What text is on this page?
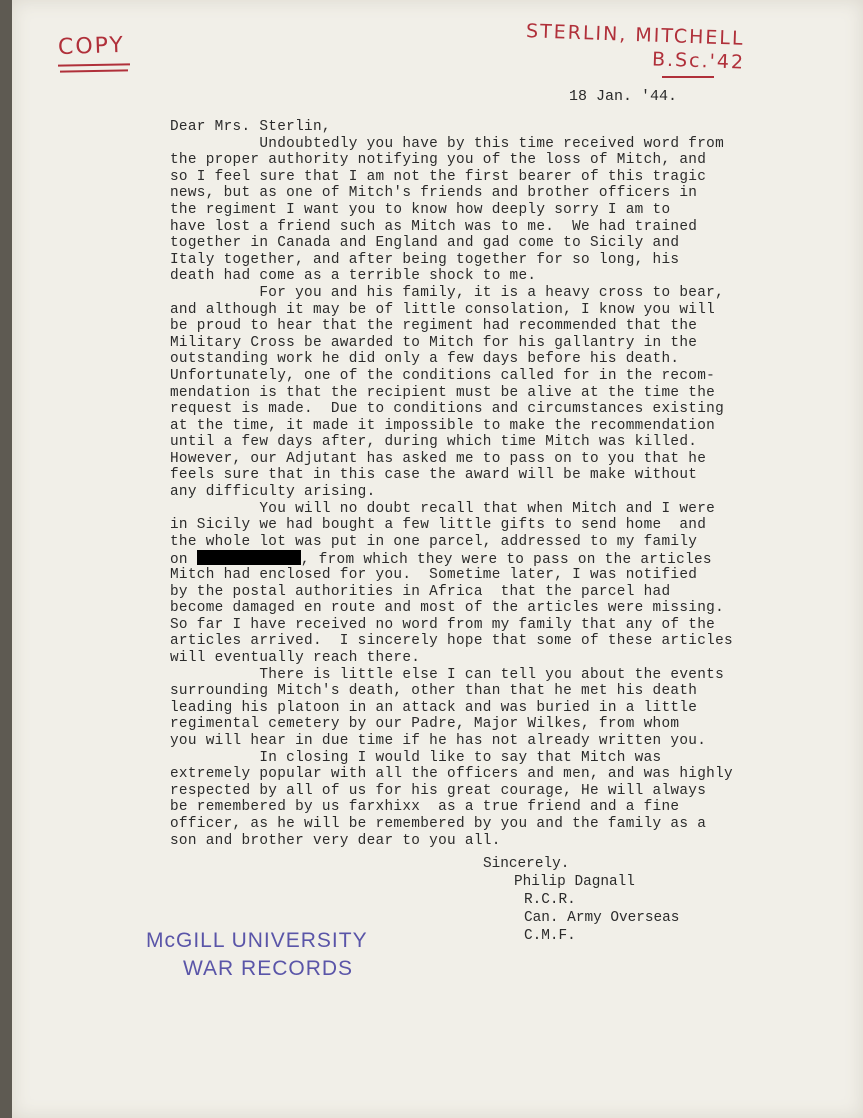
COPY	STERLIN, MITCHELL
B.Sc.'42
18 Jan. '44.
Dear Mrs. Sterlin,
Undoubtedly you have by this time received word from
the proper authority notifying you of the loss of Mitch, and
so I feel sure that I am not the first bearer of this tragic
news, but as one of Mitch's friends and brother officers in
the regiment I want you to know how deeply sorry I am to
have lost a friend such as Mitch was to me.  We had trained
together in Canada and England and gad come to Sicily and
Italy together, and after being together for so long, his
death had come as a terrible shock to me.
For you and his family, it is a heavy cross to bear,
and although it may be of little consolation, I know you will
be proud to hear that the regiment had recommended that the
Military Cross be awarded to Mitch for his gallantry in the
outstanding work he did only a few days before his death.
Unfortunately, one of the conditions called for in the recom-
mendation is that the recipient must be alive at the time the
request is made.  Due to conditions and circumstances existing
at the time, it made it impossible to make the recommendation
until a few days after, during which time Mitch was killed.
However, our Adjutant has asked me to pass on to you that he
feels sure that in this case the award will be make without
any difficulty arising.
You will no doubt recall that when Mitch and I were
in Sicily we had bought a few little gifts to send home  and
the whole lot was put in one parcel, addressed to my family
on	, from which they were to pass on the articles
Mitch had enclosed for you.  Sometime later, I was notified
by the postal authorities in Africa  that the parcel had
become damaged en route and most of the articles were missing.
So far I have received no word from my family that any of the
articles arrived.  I sincerely hope that some of these articles
will eventually reach there.
There is little else I can tell you about the events
surrounding Mitch's death, other than that he met his death
leading his platoon in an attack and was buried in a little
regimental cemetery by our Padre, Major Wilkes, from whom
you will hear in due time if he has not already written you.
In closing I would like to say that Mitch was
extremely popular with all the officers and men, and was highly
respected by all of us for his great courage, He will always
be remembered by us farxhixx  as a true friend and a fine
officer, as he will be remembered by you and the family as a
son and brother very dear to you all.
Sincerely.
Philip Dagnall
R.C.R.
Can. Army Overseas
C.M.F.
McGILL UNIVERSITY
WAR RECORDS
